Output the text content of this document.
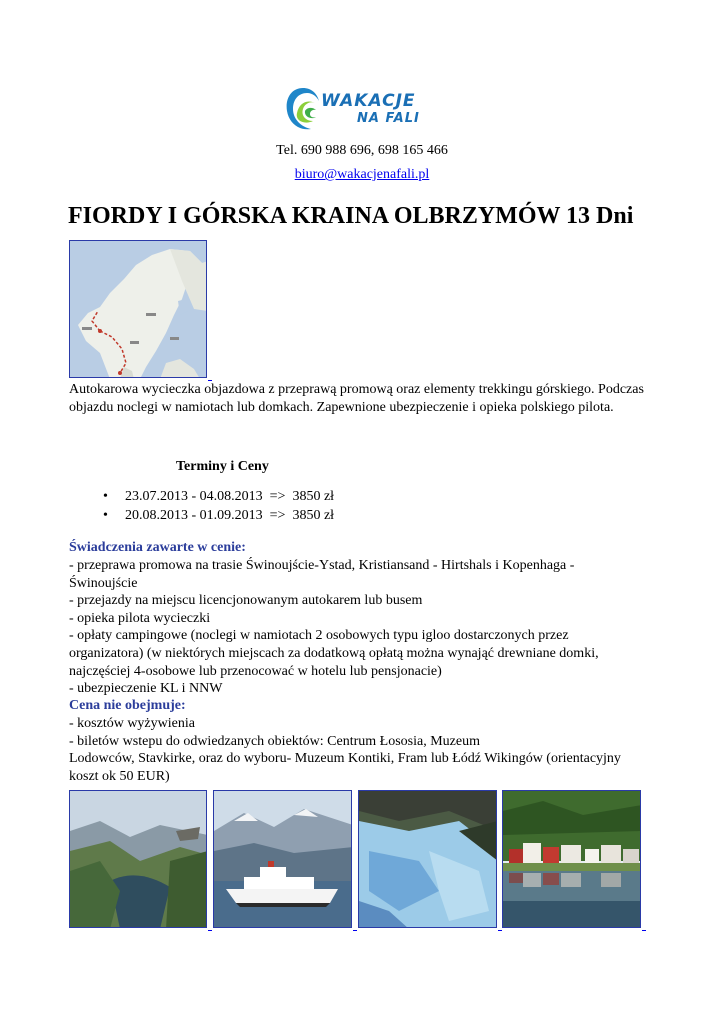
WAKACJE
NA FALI
Tel. 690 988 696, 698 165 466
biuro@wakacjenafali.pl
FIORDY I GÓRSKA KRAINA OLBRZYMÓW 13 Dni
Autokarowa wycieczka objazdowa z przeprawą promową oraz elementy trekkingu górskiego. Podczas objazdu noclegi w namiotach lub domkach. Zapewnione ubezpieczenie i opieka polskiego pilota.
Terminy i Ceny
• 23.07.2013 - 04.08.2013  =>  3850 zł
• 20.08.2013 - 01.09.2013  =>  3850 zł
Świadczenia zawarte w cenie:
- przeprawa promowa na trasie Świnoujście-Ystad, Kristiansand - Hirtshals i Kopenhaga -
Świnoujście
- przejazdy na miejscu licencjonowanym autokarem lub busem
- opieka pilota wycieczki
- opłaty campingowe (noclegi w namiotach 2 osobowych typu igloo dostarczonych przez
organizatora) (w niektórych miejscach za dodatkową opłatą można wynająć drewniane domki,
najczęściej 4-osobowe lub przenocować w hotelu lub pensjonacie)
- ubezpieczenie KL i NNW
Cena nie obejmuje:
- kosztów wyżywienia
- biletów wstepu do odwiedzanych obiektów: Centrum Łososia, Muzeum
Lodowców, Stavkirke, oraz do wyboru- Muzeum Kontiki, Fram lub Łódź Wikingów (orientacyjny
koszt ok 50 EUR)
